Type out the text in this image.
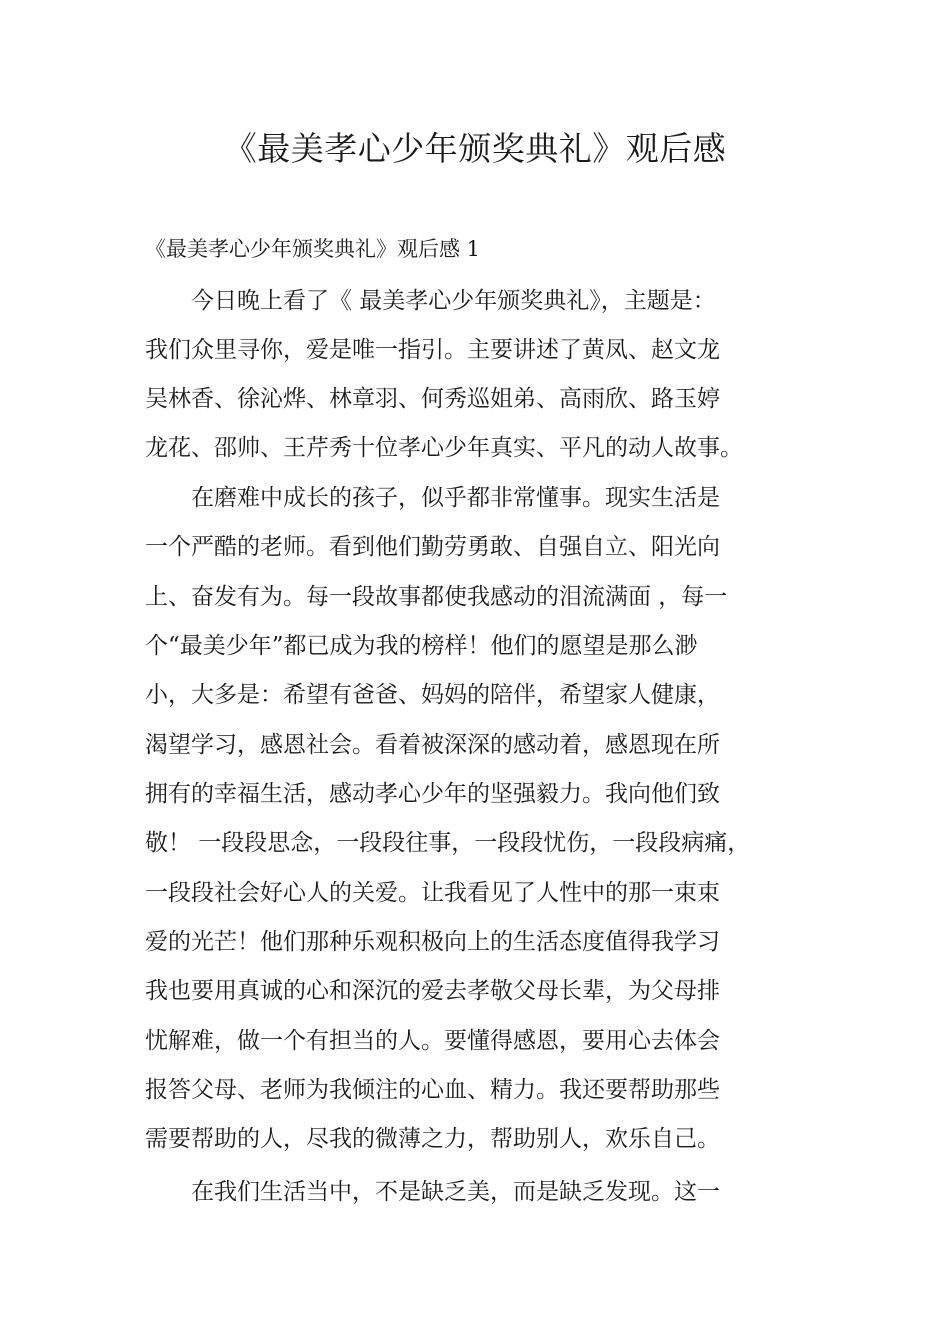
《最美孝心少年颁奖典礼》观后感

《最美孝心少年颁奖典礼》观后感 1

　　今日晚上看了《 最美孝心少年颁奖典礼》，主题是：

我们众里寻你，爱是唯一指引。主要讲述了黄凤、赵文龙

吴林香、徐沁烨、林章羽、何秀巡姐弟、高雨欣、路玉婷

龙花、邵帅、王芹秀十位孝心少年真实、平凡的动人故事。

　　在磨难中成长的孩子，似乎都非常懂事。现实生活是

一个严酷的老师。看到他们勤劳勇敢、自强自立、阳光向

上、奋发有为。每一段故事都使我感动的泪流满面 ，每一

个“最美少年”都已成为我的榜样！他们的愿望是那么渺

小，大多是：希望有爸爸、妈妈的陪伴，希望家人健康，

渴望学习，感恩社会。看着被深深的感动着，感恩现在所

拥有的幸福生活，感动孝心少年的坚强毅力。我向他们致

敬！ 一段段思念，一段段往事，一段段忧伤，一段段病痛，

一段段社会好心人的关爱。让我看见了人性中的那一束束

爱的光芒！他们那种乐观积极向上的生活态度值得我学习

我也要用真诚的心和深沉的爱去孝敬父母长辈，为父母排

忧解难，做一个有担当的人。要懂得感恩，要用心去体会

报答父母、老师为我倾注的心血、精力。我还要帮助那些

需要帮助的人，尽我的微薄之力，帮助别人，欢乐自己。

　　在我们生活当中，不是缺乏美，而是缺乏发现。这一
